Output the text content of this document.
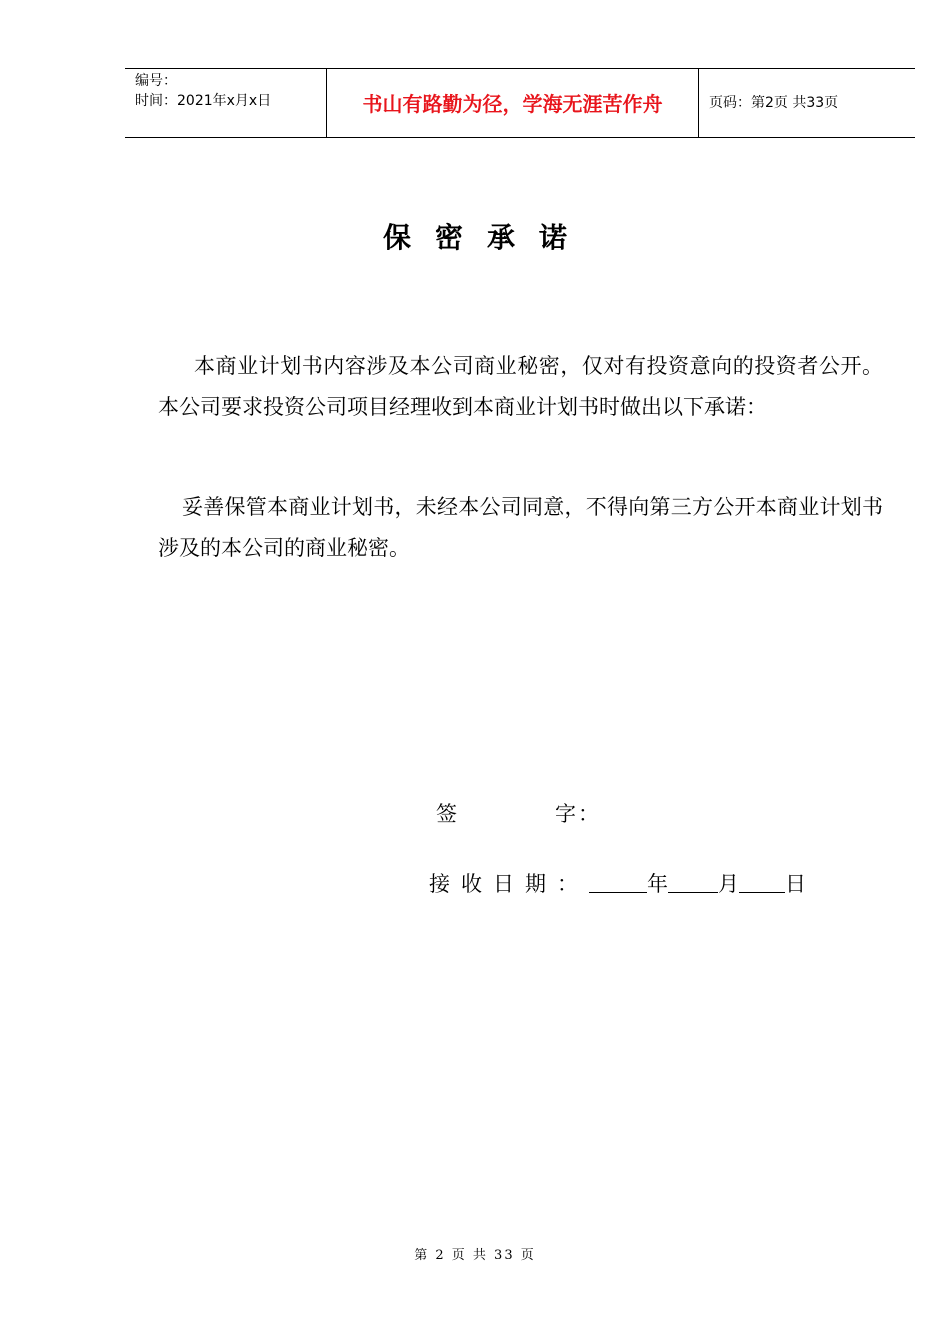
编号：
时间：2021年x月x日	书山有路勤为径，学海无涯苦作舟	页码：第2页 共33页
保密承诺
本商业计划书内容涉及本公司商业秘密，仅对有投资意向的投资者公开。本公司要求投资公司项目经理收到本商业计划书时做出以下承诺：
妥善保管本商业计划书，未经本公司同意，不得向第三方公开本商业计划书涉及的本公司的商业秘密。
签	字：
接收日期：	年 月 日
第 2 页 共 33 页
